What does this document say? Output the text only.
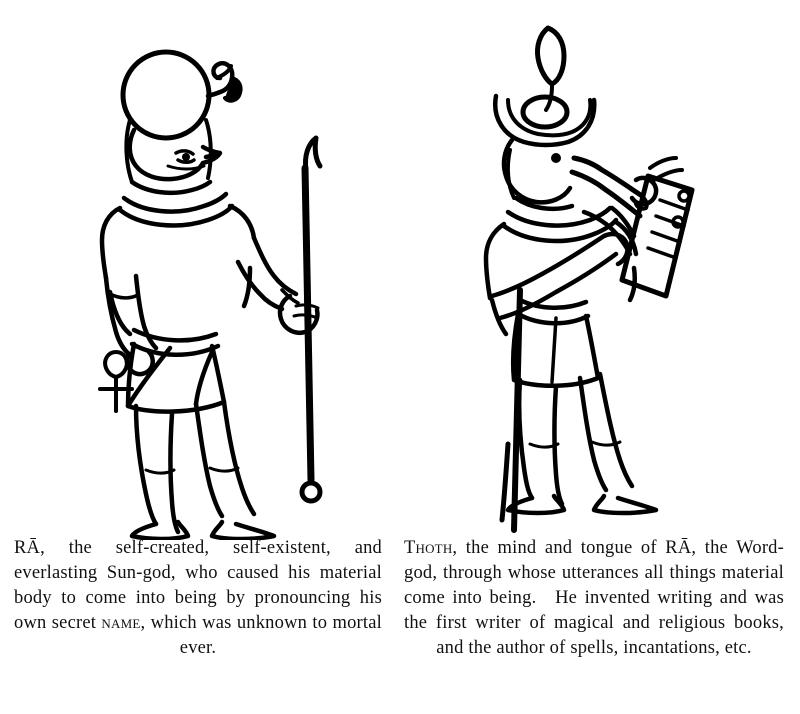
RĀ, the self-created, self-existent, and everlasting Sun-god, who caused his material body to come into being by pronouncing his own secret name, which was unknown to mortal ever.

Thoth, the mind and tongue of RĀ, the Word-god, through whose utterances all things material come into being. He invented writing and was the first writer of magical and religious books, and the author of spells, incantations, etc.
